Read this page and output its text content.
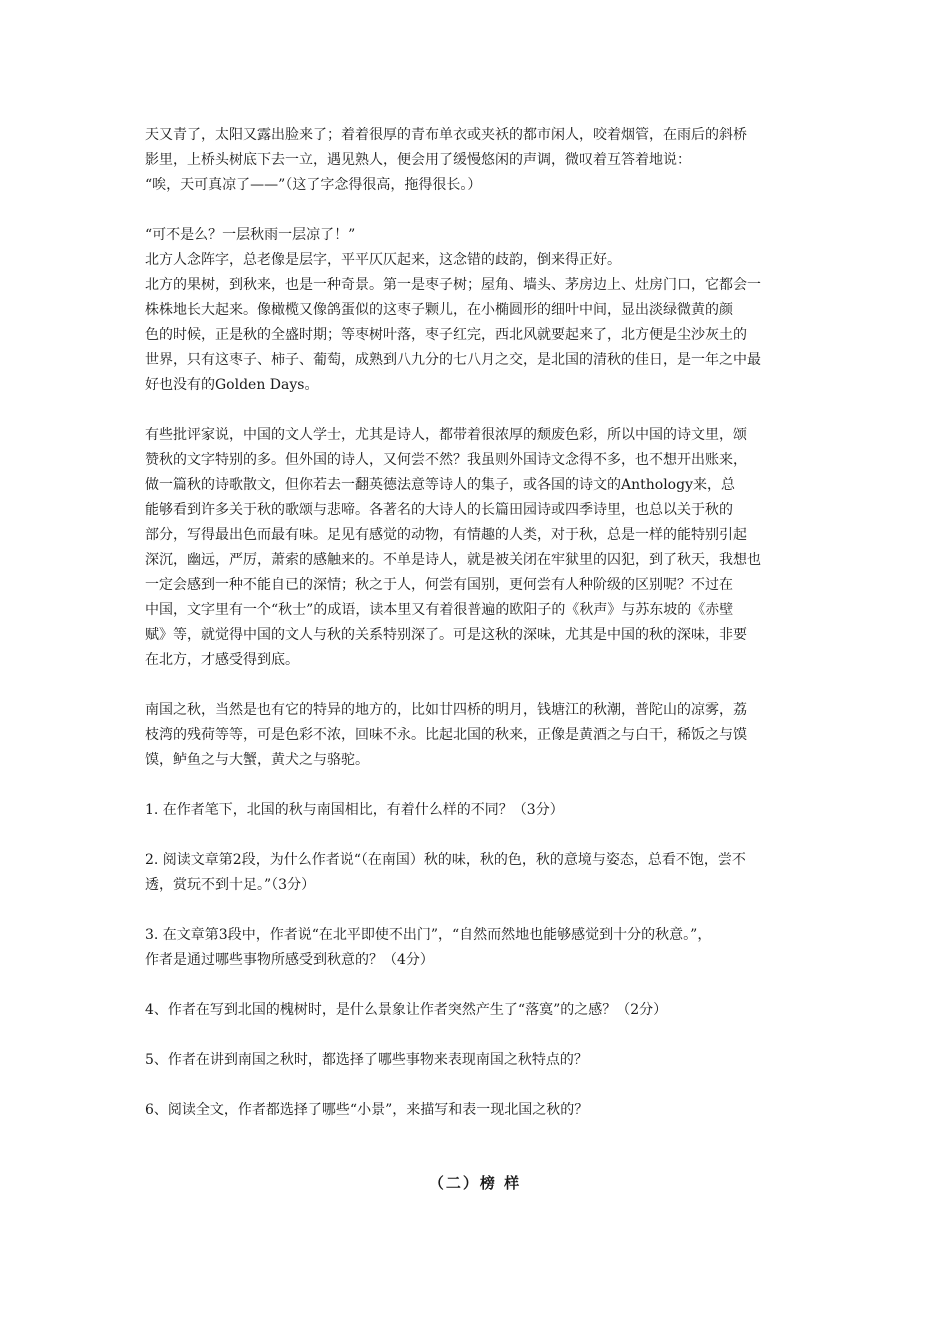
天又青了，太阳又露出脸来了；着着很厚的青布单衣或夹袄的都市闲人，咬着烟管，在雨后的斜桥
影里，上桥头树底下去一立，遇见熟人，便会用了缓慢悠闲的声调，微叹着互答着地说：
“唉，天可真凉了——”（这了字念得很高，拖得很长。）
“可不是么？一层秋雨一层凉了！”
北方人念阵字，总老像是层字，平平仄仄起来，这念错的歧韵，倒来得正好。
北方的果树，到秋来，也是一种奇景。第一是枣子树；屋角、墙头、茅房边上、灶房门口，它都会一
株株地长大起来。像橄榄又像鸽蛋似的这枣子颗儿，在小椭圆形的细叶中间，显出淡绿微黄的颜
色的时候，正是秋的全盛时期；等枣树叶落，枣子红完，西北风就要起来了，北方便是尘沙灰土的
世界，只有这枣子、柿子、葡萄，成熟到八九分的七八月之交，是北国的清秋的佳日，是一年之中最
好也没有的Golden Days。
有些批评家说，中国的文人学士，尤其是诗人，都带着很浓厚的颓废色彩，所以中国的诗文里，颂
赞秋的文字特别的多。但外国的诗人，又何尝不然？我虽则外国诗文念得不多，也不想开出账来，
做一篇秋的诗歌散文，但你若去一翻英德法意等诗人的集子，或各国的诗文的Anthology来，总
能够看到许多关于秋的歌颂与悲啼。各著名的大诗人的长篇田园诗或四季诗里，也总以关于秋的
部分，写得最出色而最有味。足见有感觉的动物，有情趣的人类，对于秋，总是一样的能特别引起
深沉，幽远，严厉，萧索的感触来的。不单是诗人，就是被关闭在牢狱里的囚犯，到了秋天，我想也
一定会感到一种不能自已的深情；秋之于人，何尝有国别，更何尝有人种阶级的区别呢？不过在
中国，文字里有一个“秋士”的成语，读本里又有着很普遍的欧阳子的《秋声》与苏东坡的《赤壁
赋》等，就觉得中国的文人与秋的关系特别深了。可是这秋的深味，尤其是中国的秋的深味，非要
在北方，才感受得到底。
南国之秋，当然是也有它的特异的地方的，比如廿四桥的明月，钱塘江的秋潮，普陀山的凉雾，荔
枝湾的残荷等等，可是色彩不浓，回味不永。比起北国的秋来，正像是黄酒之与白干，稀饭之与馍
馍，鲈鱼之与大蟹，黄犬之与骆驼。
1. 在作者笔下，北国的秋与南国相比，有着什么样的不同？（3分）
2. 阅读文章第2段，为什么作者说“（在南国）秋的味，秋的色，秋的意境与姿态，总看不饱，尝不
透，赏玩不到十足。”（3分）
3. 在文章第3段中，作者说“在北平即使不出门”，“自然而然地也能够感觉到十分的秋意。”，
作者是通过哪些事物所感受到秋意的？（4分）
4、作者在写到北国的槐树时，是什么景象让作者突然产生了“落寞”的之感？（2分）
5、作者在讲到南国之秋时，都选择了哪些事物来表现南国之秋特点的？
6、阅读全文，作者都选择了哪些“小景”，来描写和表一现北国之秋的？
（二）榜 样
